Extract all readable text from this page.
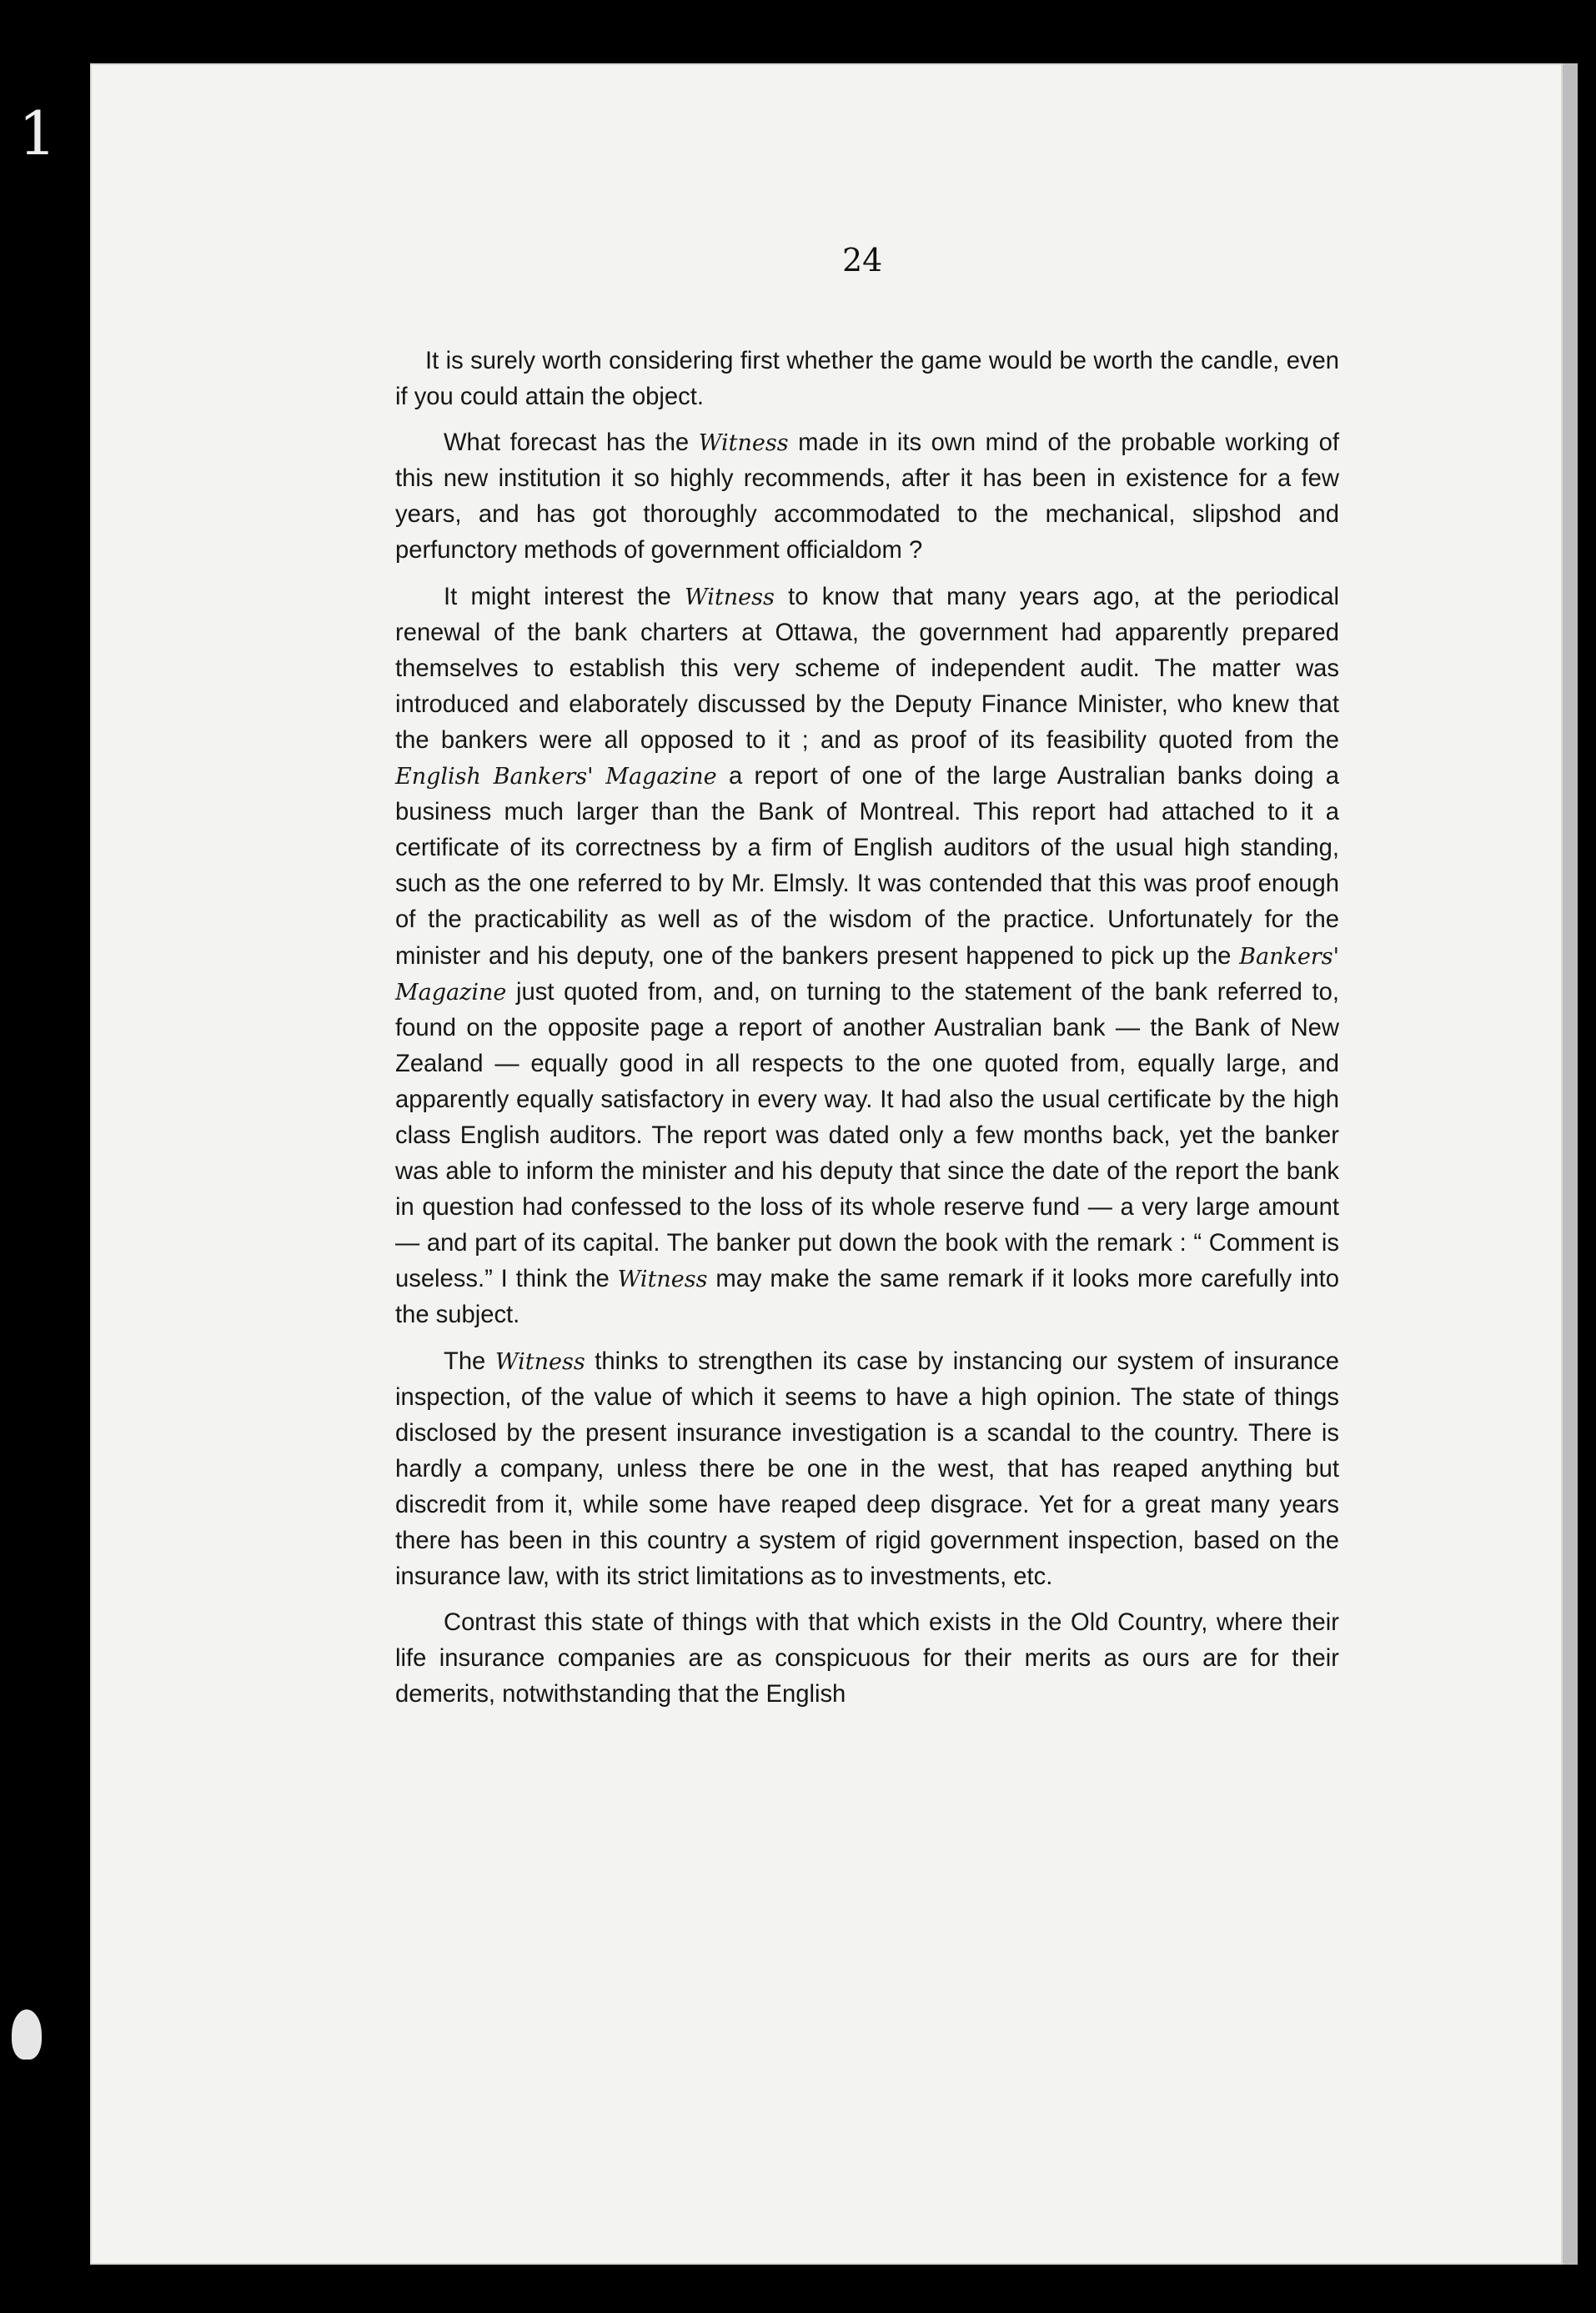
1
24

It is surely worth considering first whether the game would be worth the candle, even if you could attain the object.

What forecast has the Witness made in its own mind of the probable working of this new institution it so highly recommends, after it has been in existence for a few years, and has got thoroughly accommodated to the mechanical, slipshod and perfunctory methods of government officialdom ?

It might interest the Witness to know that many years ago, at the periodical renewal of the bank charters at Ottawa, the government had apparently prepared themselves to establish this very scheme of independent audit. The matter was introduced and elaborately discussed by the Deputy Finance Minister, who knew that the bankers were all opposed to it ; and as proof of its feasibility quoted from the English Bankers' Magazine a report of one of the large Australian banks doing a business much larger than the Bank of Montreal. This report had attached to it a certificate of its correctness by a firm of English auditors of the usual high standing, such as the one referred to by Mr. Elmsly. It was contended that this was proof enough of the practicability as well as of the wisdom of the practice. Unfortunately for the minister and his deputy, one of the bankers present happened to pick up the Bankers' Magazine just quoted from, and, on turning to the statement of the bank referred to, found on the opposite page a report of another Australian bank — the Bank of New Zealand — equally good in all respects to the one quoted from, equally large, and apparently equally satisfactory in every way. It had also the usual certificate by the high class English auditors. The report was dated only a few months back, yet the banker was able to inform the minister and his deputy that since the date of the report the bank in question had confessed to the loss of its whole reserve fund — a very large amount — and part of its capital. The banker put down the book with the remark : “ Comment is useless.” I think the Witness may make the same remark if it looks more carefully into the subject.

The Witness thinks to strengthen its case by instancing our system of insurance inspection, of the value of which it seems to have a high opinion. The state of things disclosed by the present insurance investigation is a scandal to the country. There is hardly a company, unless there be one in the west, that has reaped anything but discredit from it, while some have reaped deep disgrace. Yet for a great many years there has been in this country a system of rigid government inspection, based on the insurance law, with its strict limitations as to investments, etc.

Contrast this state of things with that which exists in the Old Country, where their life insurance companies are as conspicuous for their merits as ours are for their demerits, notwithstanding that the English
